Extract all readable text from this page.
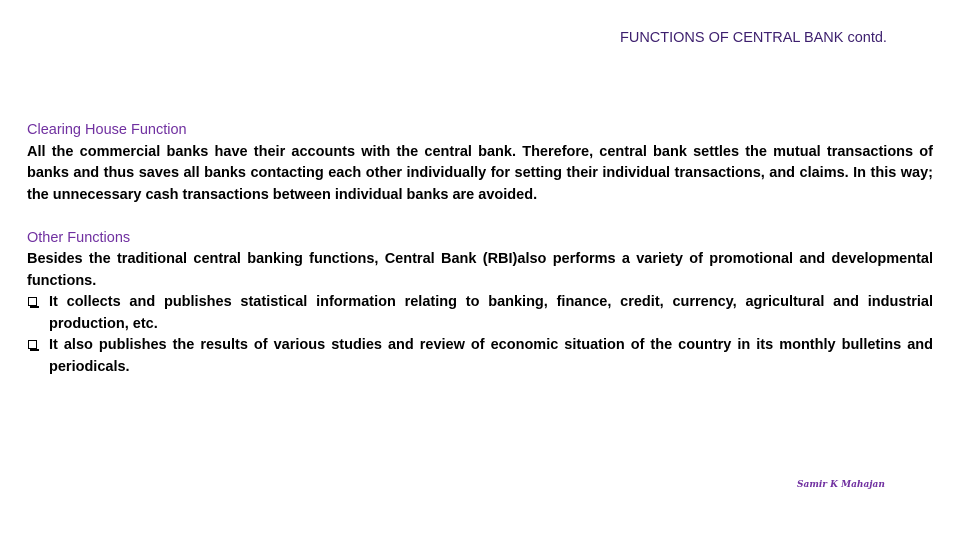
FUNCTIONS OF CENTRAL BANK contd.
Clearing House Function
All the commercial banks have their accounts with the central bank. Therefore, central bank settles the mutual transactions of banks and thus saves all banks contacting each other individually for setting their individual transactions, and claims. In this way; the unnecessary cash transactions between individual banks are avoided.
Other Functions
Besides the traditional central banking functions, Central Bank (RBI)also performs a variety of promotional and developmental functions.
It collects and publishes statistical information relating to banking, finance, credit, currency, agricultural and industrial production, etc.
It also publishes the results of various studies and review of economic situation of the country in its monthly bulletins and periodicals.
Samir K Mahajan
